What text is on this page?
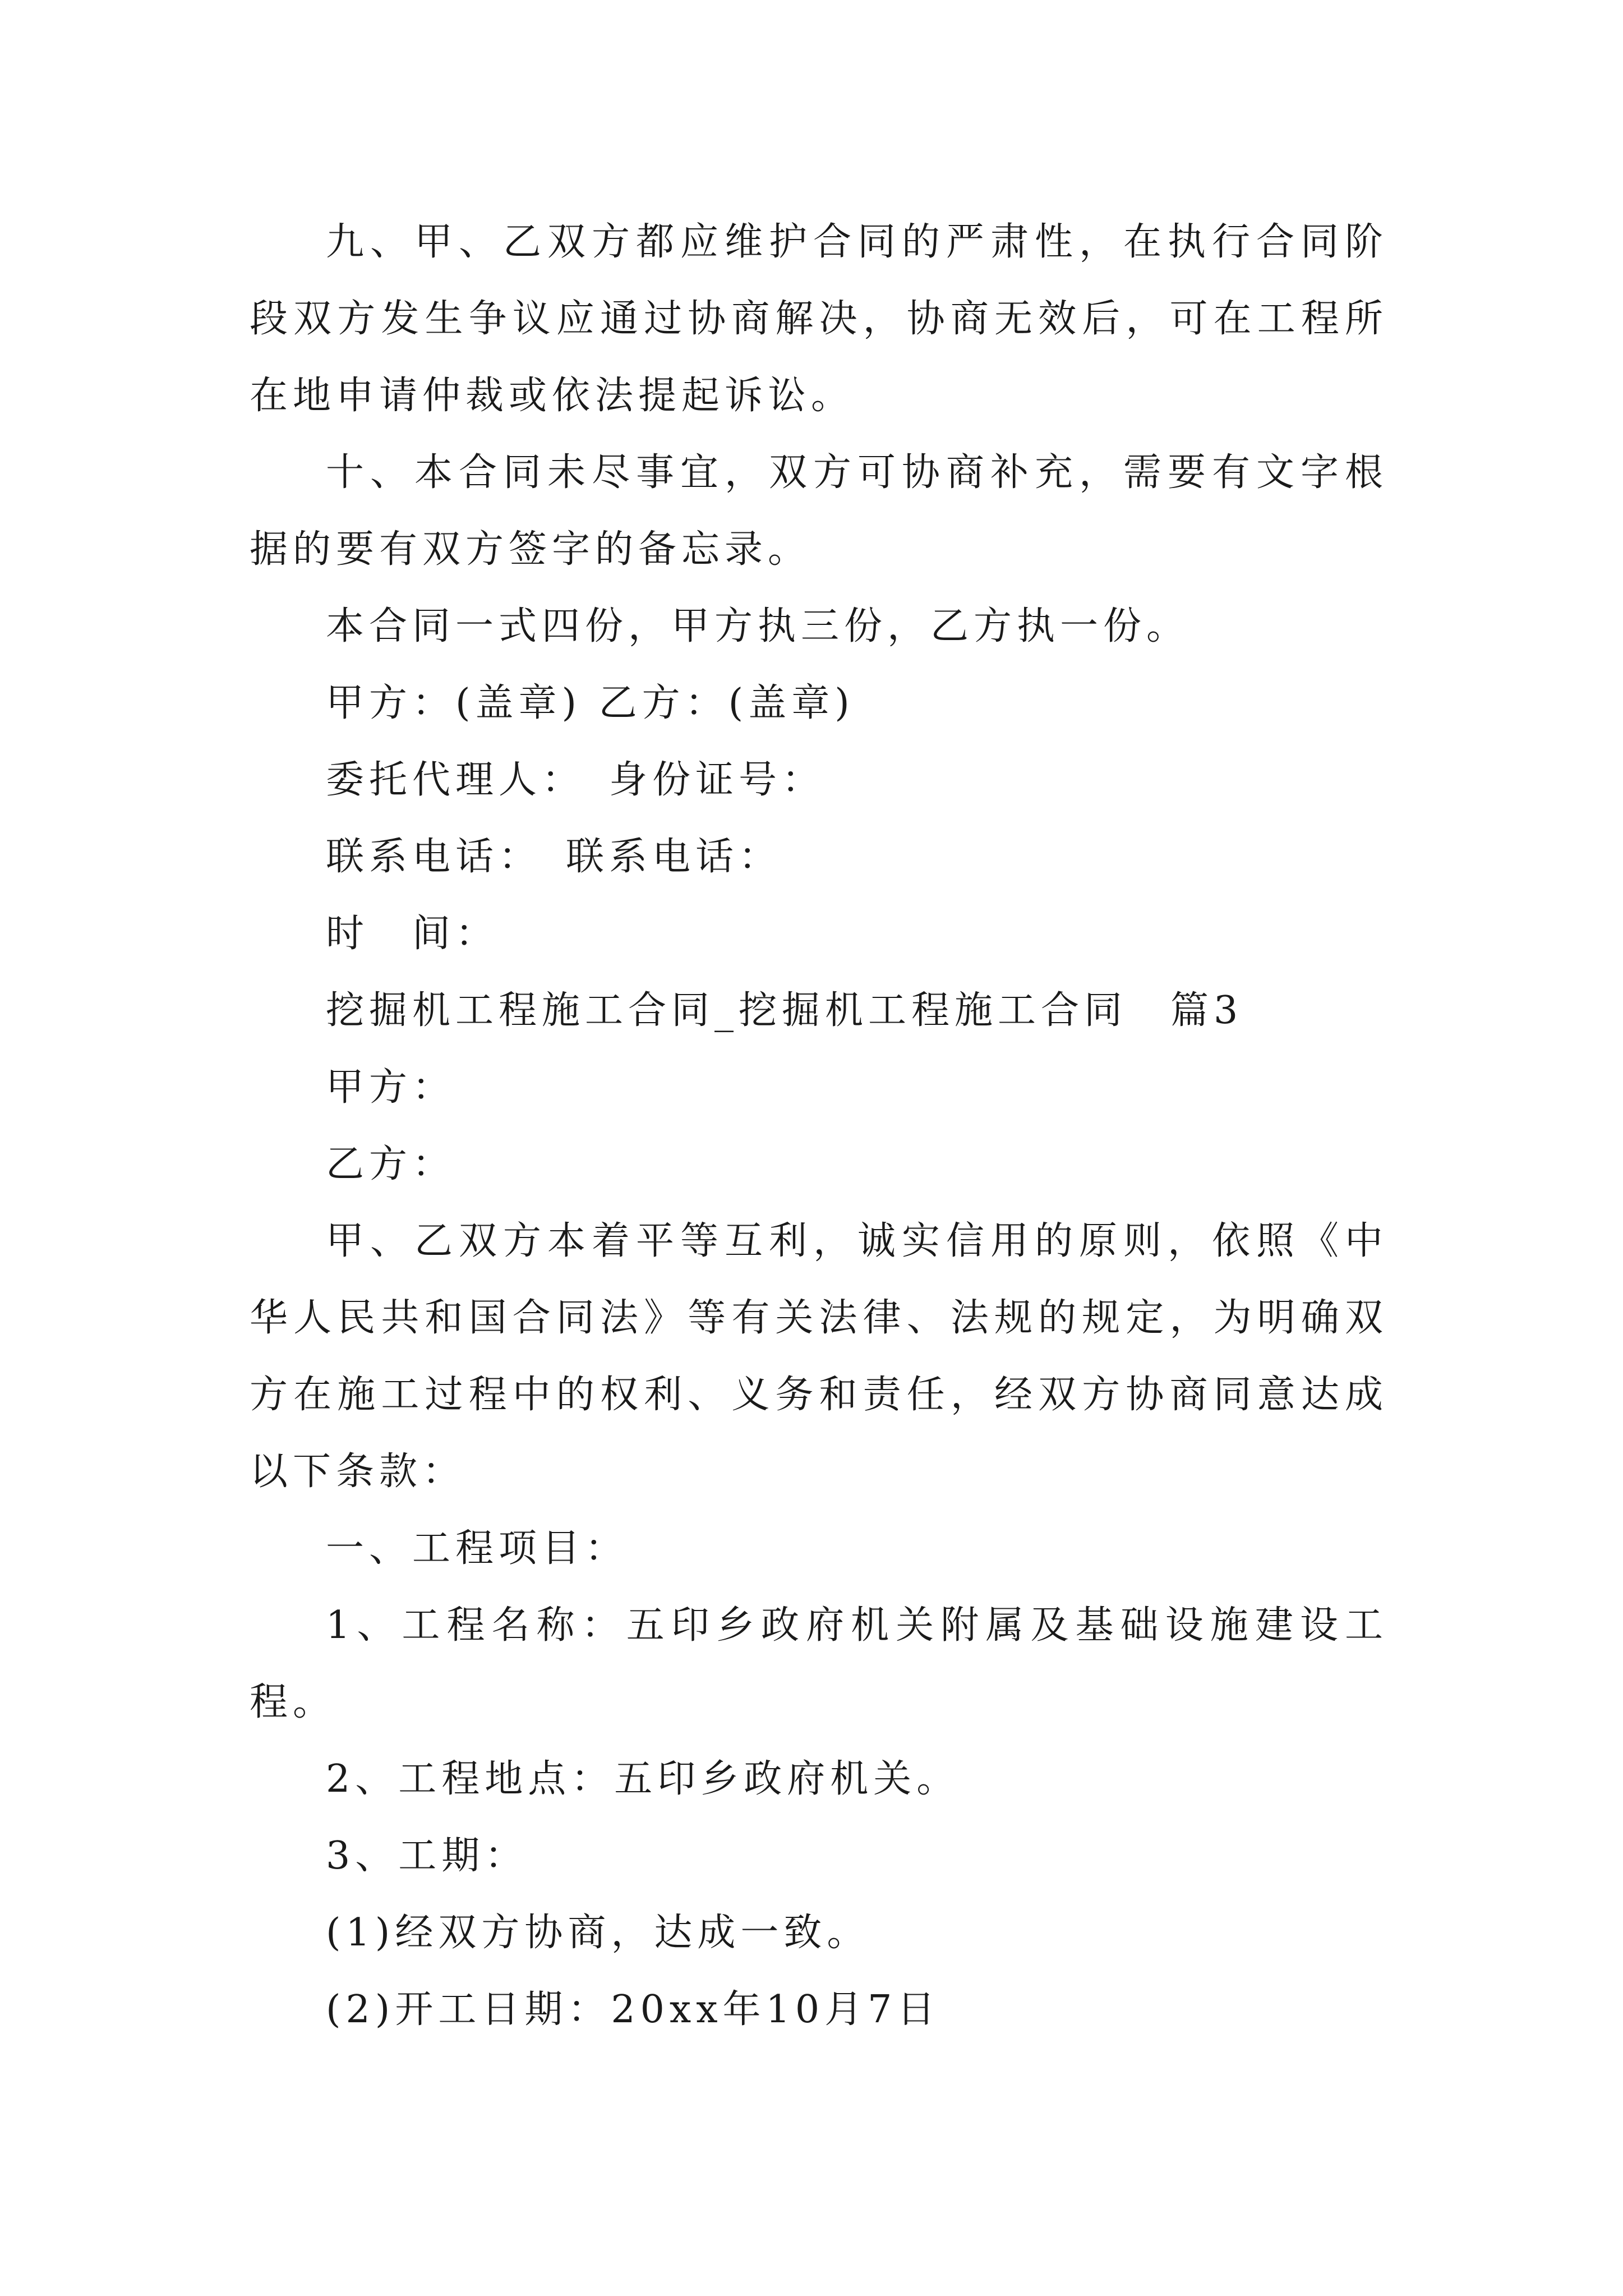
九、甲、乙双方都应维护合同的严肃性，在执行合同阶段双方发生争议应通过协商解决，协商无效后，可在工程所在地申请仲裁或依法提起诉讼。

十、本合同未尽事宜，双方可协商补充，需要有文字根据的要有双方签字的备忘录。

本合同一式四份，甲方执三份，乙方执一份。

甲方：(盖章) 乙方：(盖章)

委托代理人：　身份证号：

联系电话：　联系电话：

时　间：

挖掘机工程施工合同_挖掘机工程施工合同　篇3

甲方：

乙方：

甲、乙双方本着平等互利，诚实信用的原则，依照《中华人民共和国合同法》等有关法律、法规的规定，为明确双方在施工过程中的权利、义务和责任，经双方协商同意达成以下条款：

一、工程项目：

1、工程名称：五印乡政府机关附属及基础设施建设工程。

2、工程地点：五印乡政府机关。

3、工期：

(1)经双方协商，达成一致。

(2)开工日期：20xx年10月7日
